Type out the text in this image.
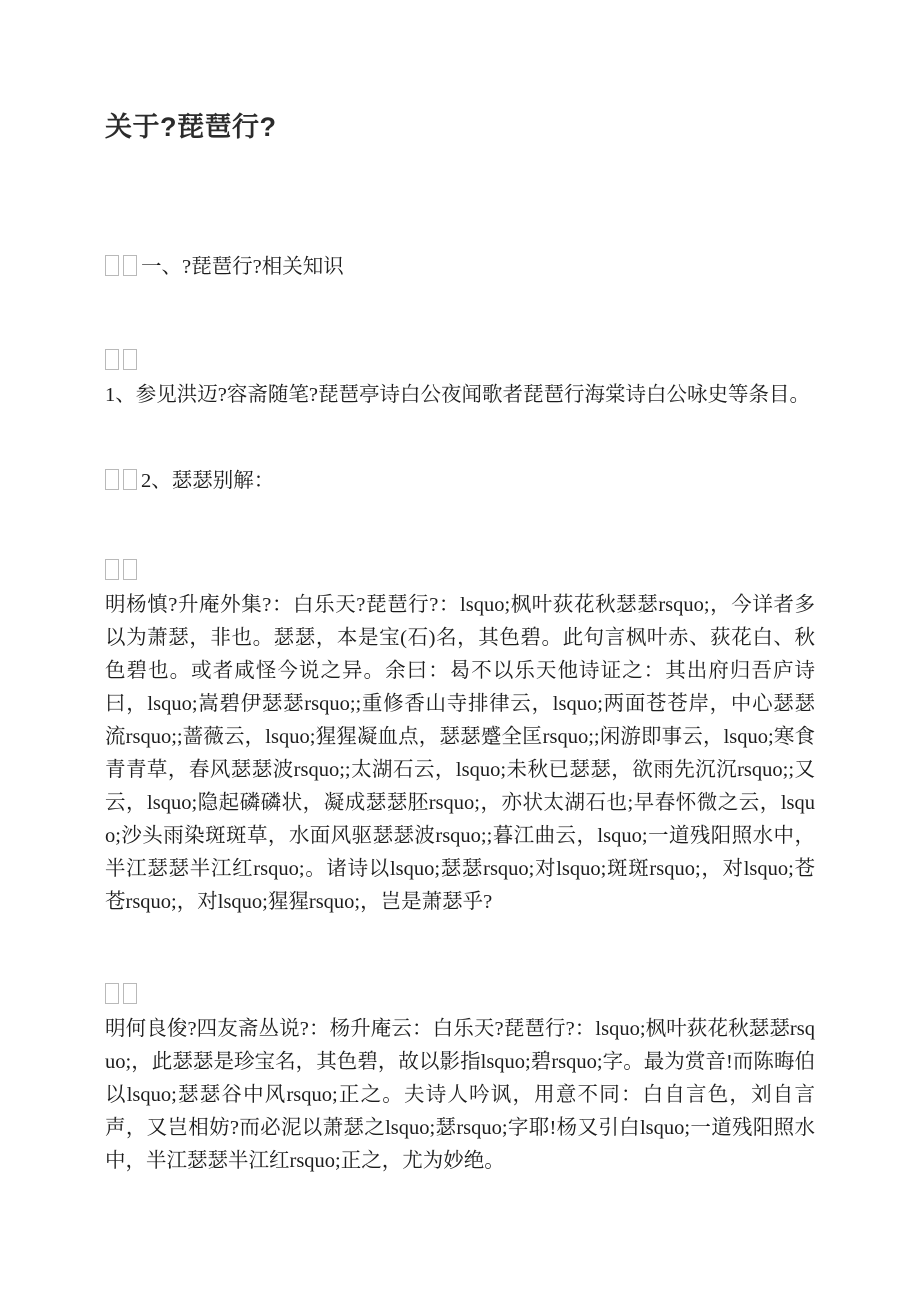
关于?琵琶行?

一、?琵琶行?相关知识

1、参见洪迈?容斋随笔?琵琶亭诗白公夜闻歌者琵琶行海棠诗白公咏史等条目。

2、瑟瑟别解：

明杨慎?升庵外集?：白乐天?琵琶行?：lsquo;枫叶荻花秋瑟瑟rsquo;，今详者多以为萧瑟，非也。瑟瑟，本是宝(石)名，其色碧。此句言枫叶赤、荻花白、秋色碧也。或者咸怪今说之异。余曰：曷不以乐天他诗证之：其出府归吾庐诗曰，lsquo;嵩碧伊瑟瑟rsquo;;重修香山寺排律云，lsquo;两面苍苍岸，中心瑟瑟流rsquo;;蔷薇云，lsquo;猩猩凝血点，瑟瑟蹙全匡rsquo;;闲游即事云，lsquo;寒食青青草，春风瑟瑟波rsquo;;太湖石云，lsquo;未秋已瑟瑟，欲雨先沉沉rsquo;;又云，lsquo;隐起磷磷状，凝成瑟瑟胚rsquo;，亦状太湖石也;早春怀微之云，lsquo;沙头雨染斑斑草，水面风驱瑟瑟波rsquo;;暮江曲云，lsquo;一道残阳照水中，半江瑟瑟半江红rsquo;。诸诗以lsquo;瑟瑟rsquo;对lsquo;斑斑rsquo;，对lsquo;苍苍rsquo;，对lsquo;猩猩rsquo;，岂是萧瑟乎?

明何良俊?四友斋丛说?：杨升庵云：白乐天?琵琶行?：lsquo;枫叶荻花秋瑟瑟rsquo;，此瑟瑟是珍宝名，其色碧，故以影指lsquo;碧rsquo;字。最为赏音!而陈晦伯以lsquo;瑟瑟谷中风rsquo;正之。夫诗人吟讽，用意不同：白自言色，刘自言声，又岂相妨?而必泥以萧瑟之lsquo;瑟rsquo;字耶!杨又引白lsquo;一道残阳照水中，半江瑟瑟半江红rsquo;正之，尤为妙绝。
